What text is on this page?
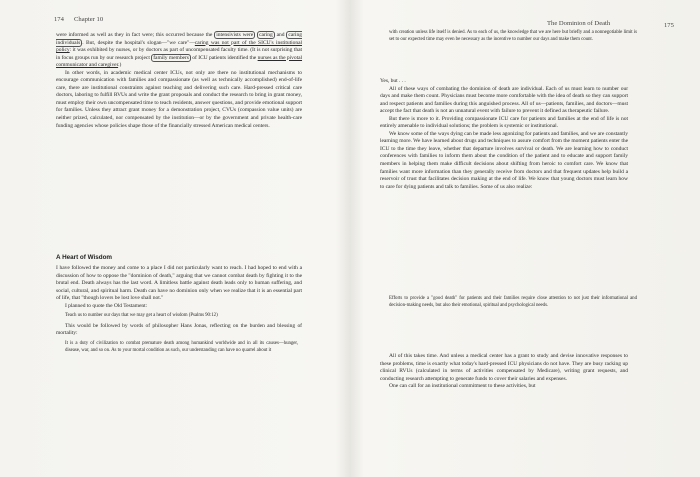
174 Chapter 10

were informed as well as they in fact were; this occurred because the intensivists were caring and caring individuals . But, despite the hospital's slogan—"we care"—caring was not part of the SICU's institutional policy: it was exhibited by nurses, or by doctors as part of uncompensated faculty time. (It is not surprising that in focus groups run by our research project family members of ICU patients identified the nurses as the pivotal communicator and caregiver.)

In other words, in academic medical center ICUs, not only are there no institutional mechanisms to encourage communication with families and compassionate (as well as technically accomplished) end-of-life care, there are institutional constraints against teaching and delivering such care. Hard-pressed critical care doctors, laboring to fulfill RVUs and write the grant proposals and conduct the research to bring in grant money, must employ their own uncompensated time to teach residents, answer questions, and provide emotional support for families. Unless they attract grant money for a demonstration project, CVUs (compassion value units) are neither prized, calculated, nor compensated by the institution—or by the government and private health-care funding agencies whose policies shape those of the financially stressed American medical centers.

A Heart of Wisdom

I have followed the money and come to a place I did not particularly want to reach. I had hoped to end with a discussion of how to oppose the "dominion of death," arguing that we cannot combat death by fighting it to the brutal end. Death always has the last word. A limitless battle against death leads only to human suffering, and social, cultural, and spiritual harm. Death can have no dominion only when we realize that it is an essential part of life, that "though lovers be lost love shall not."

I planned to quote the Old Testament:

Teach us to number our days that we may get a heart of wisdom (Psalms 90:12)

This would be followed by words of philosopher Hans Jonas, reflecting on the burden and blessing of mortality:

It is a duty of civilization to combat premature death among humankind worldwide and in all its causes—hunger, disease, war, and so on. As to your mortal condition as such, our understanding can have no quarrel about it

The Dominion of Death	175

with creation unless life itself is denied. As to each of us, the knowledge that we are here but briefly and a nonnegotiable limit is set to our expected time may even be necessary as the incentive to number our days and make them count.

Yes, but . . .

All of these ways of combating the dominion of death are individual. Each of us must learn to number our days and make them count. Physicians must become more comfortable with the idea of death so they can support and respect patients and families during this anguished process. All of us—patients, families, and doctors—must accept the fact that death is not an unnatural event with failure to prevent it defined as therapeutic failure.

But there is more to it. Providing compassionate ICU care for patients and families at the end of life is not entirely amenable to individual solutions; the problem is systemic or institutional.

We know some of the ways dying can be made less agonizing for patients and families, and we are constantly learning more. We have learned about drugs and techniques to assure comfort from the moment patients enter the ICU to the time they leave, whether that departure involves survival or death. We are learning how to conduct conferences with families to inform them about the condition of the patient and to educate and support family members in helping them make difficult decisions about shifting from heroic to comfort care. We know that families want more information than they generally receive from doctors and that frequent updates help build a reservoir of trust that facilitates decision making at the end of life. We know that young doctors must learn how to care for dying patients and talk to families. Some of us also realize:

Efforts to provide a "good death" for patients and their families require close attention to not just their informational and decision-making needs, but also their emotional, spiritual and psychological needs.

All of this takes time. And unless a medical center has a grant to study and devise innovative responses to these problems, time is exactly what today's hard-pressed ICU physicians do not have. They are busy racking up clinical RVUs (calculated in terms of activities compensated by Medicare), writing grant requests, and conducting research attempting to generate funds to cover their salaries and expenses.

One can call for an institutional commitment to these activities, but
